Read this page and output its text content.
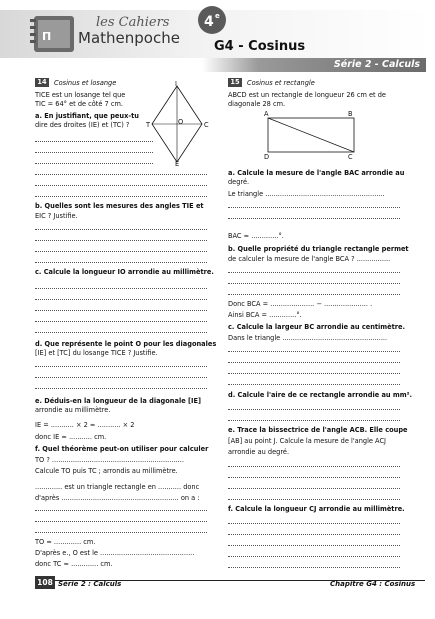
Π
4 e
les Cahiers
Mathenpoche	G4 - Cosinus
Série 2 - Calculs
14	Cosinus et losange
TICE est un losange tel que
TIC = 64° et de côté 7 cm.
a. En justifiant, que peux-tu
dire des droites (IE) et (TC) ?
I
T	O	C
E
b. Quelles sont les mesures des angles TIE et
EIC ? Justifie.
c. Calcule la longueur IO arrondie au millimètre.
d. Que représente le point O pour les diagonales
[IE] et [TC] du losange TICE ? Justifie.
e. Déduis-en la longueur de la diagonale [IE]
arrondie au millimètre.
IE = ........... × 2 ≈ ........... × 2
donc IE ≈ ........... cm.
f. Quel théorème peut-on utiliser pour calculer
TO ? ...............................................................
Calcule TO puis TC ; arrondis au millimètre.
............. est un triangle rectangle en ........... donc
d'après ........................................................ on a :
TO ≈ ............. cm.
D'après e., O est le .............................................
donc TC ≈ ............. cm.
15	Cosinus et rectangle
ABCD est un rectangle de longueur 26 cm et de
diagonale 28 cm.
A	B
D	C
a. Calcule la mesure de l'angle BAC arrondie au
degré.
Le triangle .........................................................
BAC ≈ .............°.
b. Quelle propriété du triangle rectangle permet
de calculer la mesure de l'angle BCA ? ................
Donc BCA = ..................... − ..................... .
Ainsi BCA = .............°.
c. Calcule la largeur BC arrondie au centimètre.
Dans le triangle ..................................................
d. Calcule l'aire de ce rectangle arrondie au mm².
e. Trace la bissectrice de l'angle ACB. Elle coupe
[AB] au point J. Calcule la mesure de l'angle ACJ
arrondie au degré.
f. Calcule la longueur CJ arrondie au millimètre.
108 Série 2 : Calculs	Chapitre G4 : Cosinus
